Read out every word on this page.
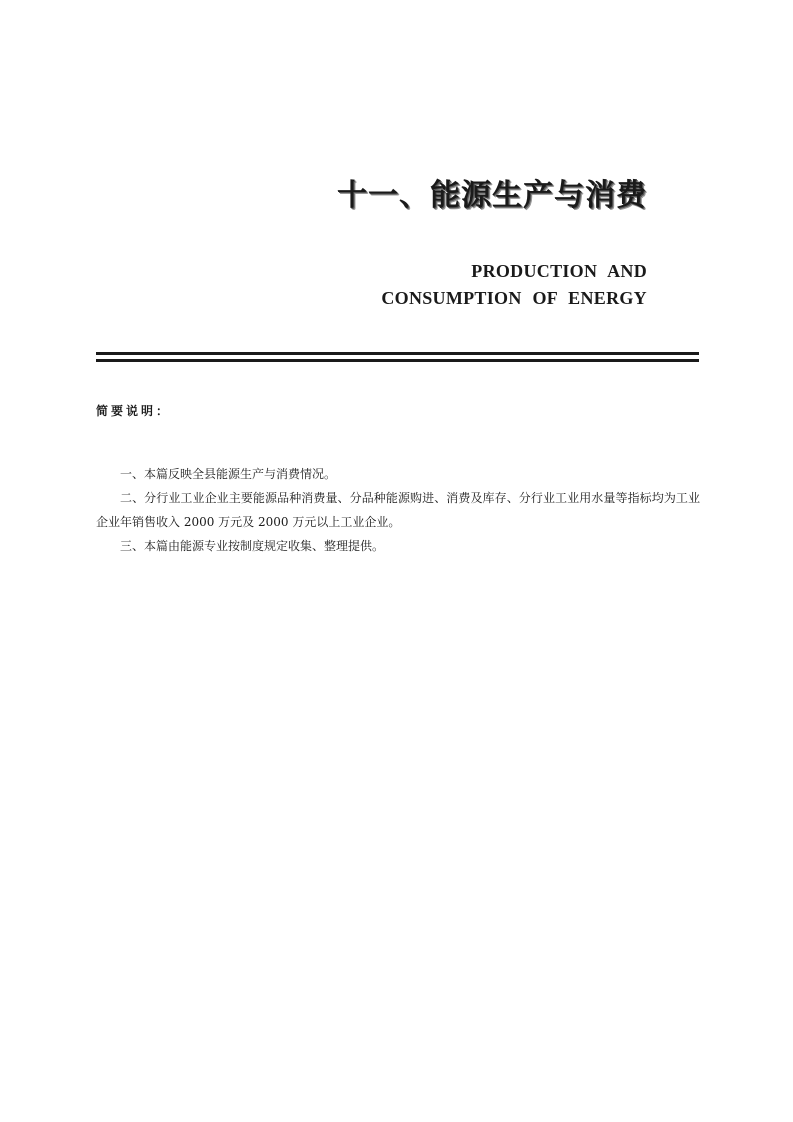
十一、能源生产与消费
PRODUCTION AND
CONSUMPTION OF ENERGY
简要说明：

一、本篇反映全县能源生产与消费情况。

二、分行业工业企业主要能源品种消费量、分品种能源购进、消费及库存、分行业工业用水量等指标均为工业企业年销售收入 2000 万元及 2000 万元以上工业企业。

三、本篇由能源专业按制度规定收集、整理提供。
